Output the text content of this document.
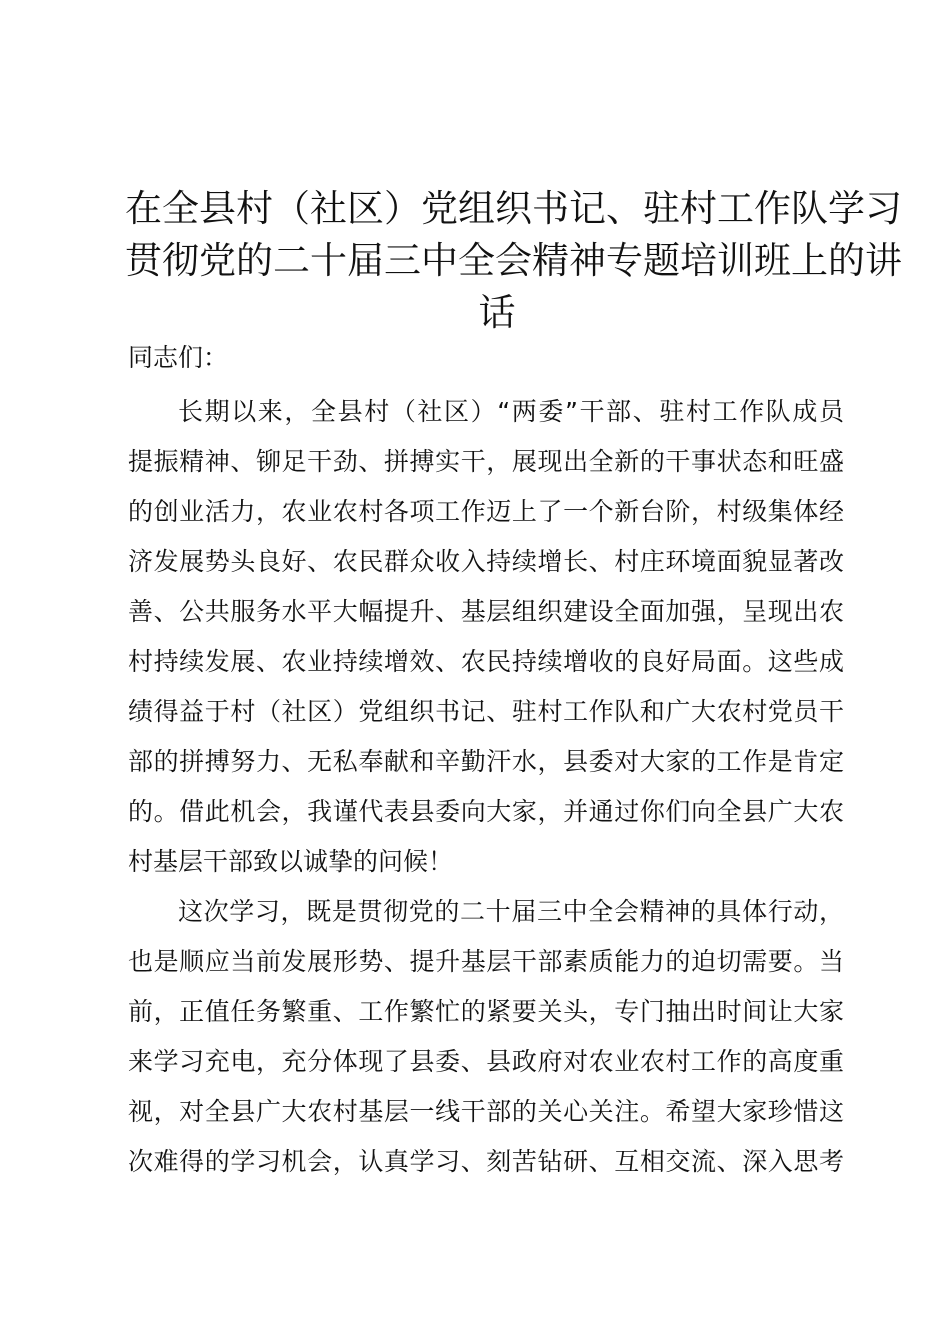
在全县村（社区）党组织书记、驻村工作队学习
贯彻党的二十届三中全会精神专题培训班上的讲
话

同志们：

长期以来，全县村（社区）“两委”干部、驻村工作队成员
提振精神、铆足干劲、拼搏实干，展现出全新的干事状态和旺盛
的创业活力，农业农村各项工作迈上了一个新台阶，村级集体经
济发展势头良好、农民群众收入持续增长、村庄环境面貌显著改
善、公共服务水平大幅提升、基层组织建设全面加强，呈现出农
村持续发展、农业持续增效、农民持续增收的良好局面。这些成
绩得益于村（社区）党组织书记、驻村工作队和广大农村党员干
部的拼搏努力、无私奉献和辛勤汗水，县委对大家的工作是肯定
的。借此机会，我谨代表县委向大家，并通过你们向全县广大农
村基层干部致以诚挚的问候！
这次学习，既是贯彻党的二十届三中全会精神的具体行动，
也是顺应当前发展形势、提升基层干部素质能力的迫切需要。当
前，正值任务繁重、工作繁忙的紧要关头，专门抽出时间让大家
来学习充电，充分体现了县委、县政府对农业农村工作的高度重
视，对全县广大农村基层一线干部的关心关注。希望大家珍惜这
次难得的学习机会，认真学习、刻苦钻研、互相交流、深入思考
